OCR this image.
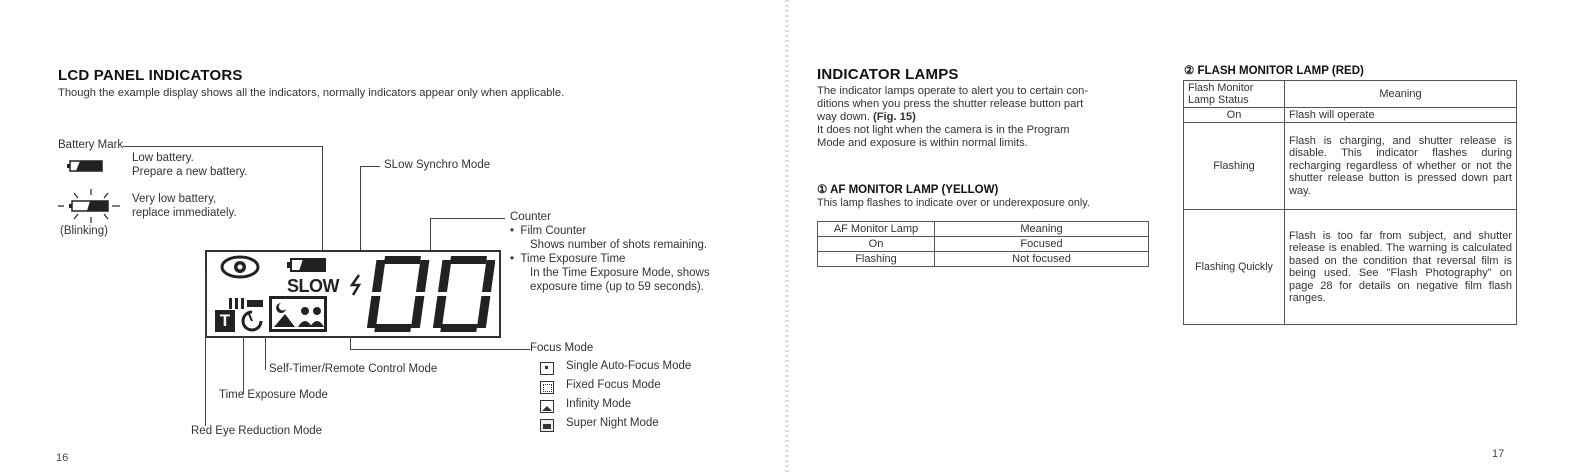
LCD PANEL INDICATORS
Though the example display shows all the indicators, normally indicators appear only when applicable.
Battery Mark
Low battery.
Prepare a new battery.
Very low battery,
replace immediately.
(Blinking)
SLow Synchro Mode
SLOW
T
Counter
•  Film Counter
Shows number of shots remaining.
•  Time Exposure Time
In the Time Exposure Mode, shows
exposure time (up to 59 seconds).
Focus Mode
Single Auto-Focus Mode
Fixed Focus Mode
Infinity Mode
Super Night Mode
Self-Timer/Remote Control Mode
Time Exposure Mode
Red Eye Reduction Mode
16
INDICATOR LAMPS
The indicator lamps operate to alert you to certain con-
ditions when you press the shutter release button part
way down. (Fig. 15)
It does not light when the camera is in the Program
Mode and exposure is within normal limits.
① AF MONITOR LAMP (YELLOW)
This lamp flashes to indicate over or underexposure only.
AF Monitor Lamp	Meaning
On	Focused
Flashing	Not focused
② FLASH MONITOR LAMP (RED)
Flash Monitor Lamp Status	Meaning
On	Flash will operate
Flashing	Flash is charging, and shutter release is disable. This indicator flashes during recharging regardless of whether or not the shutter release button is pressed down part way.
Flashing Quickly	Flash is too far from subject, and shutter release is enabled. The warning is calculated based on the condition that reversal film is being used. See "Flash Photography" on page 28 for details on negative film flash ranges.
17
